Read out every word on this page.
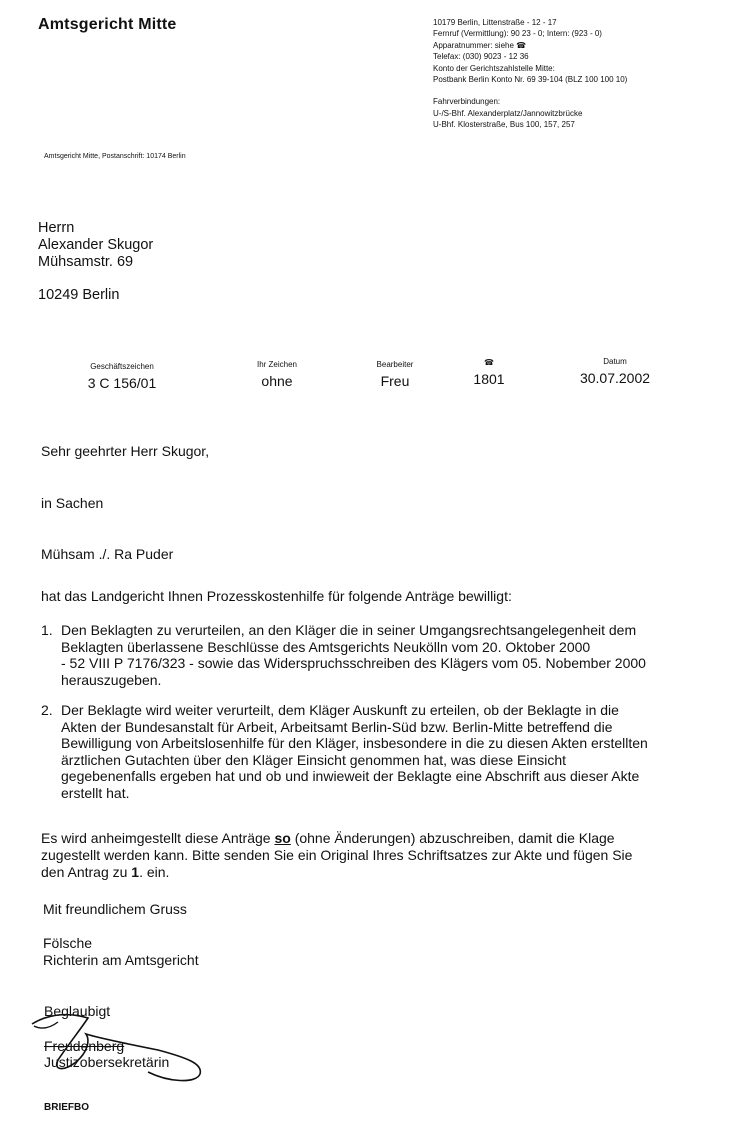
Amtsgericht Mitte	10179 Berlin, Littenstraße - 12 - 17
Fernruf (Vermittlung): 90 23 - 0; Intern: (923 - 0)
Apparatnummer: siehe ☎
Telefax: (030) 9023 - 12 36
Konto der Gerichtszahlstelle Mitte:
Postbank Berlin Konto Nr. 69 39-104 (BLZ 100 100 10)
Fahrverbindungen:
U-/S-Bhf. Alexanderplatz/Jannowitzbrücke
U-Bhf. Klosterstraße, Bus 100, 157, 257
Amtsgericht Mitte, Postanschrift: 10174 Berlin
Herrn
Alexander Skugor
Mühsamstr. 69
10249 Berlin
Geschäftszeichen
3 C 156/01
Ihr Zeichen
ohne
Bearbeiter
Freu
☎
1801
Datum
30.07.2002
Sehr geehrter Herr Skugor,
in Sachen
Mühsam ./. Ra Puder
hat das Landgericht Ihnen Prozesskostenhilfe für folgende Anträge bewilligt:
1. Den Beklagten zu verurteilen, an den Kläger die in seiner Umgangsrechtsangelegenheit dem
Beklagten überlassene Beschlüsse des Amtsgerichts Neukölln vom 20. Oktober 2000
- 52 VIII P 7176/323 - sowie das Widerspruchsschreiben des Klägers vom 05. Nobember 2000
herauszugeben.
2. Der Beklagte wird weiter verurteilt, dem Kläger Auskunft zu erteilen, ob der Beklagte in die
Akten der Bundesanstalt für Arbeit, Arbeitsamt Berlin-Süd bzw. Berlin-Mitte betreffend die
Bewilligung von Arbeitslosenhilfe für den Kläger, insbesondere in die zu diesen Akten erstellten
ärztlichen Gutachten über den Kläger Einsicht genommen hat, was diese Einsicht
gegebenenfalls ergeben hat und ob und inwieweit der Beklagte eine Abschrift aus dieser Akte
erstellt hat.
Es wird anheimgestellt diese Anträge so (ohne Änderungen) abzuschreiben, damit die Klage
zugestellt werden kann. Bitte senden Sie ein Original Ihres Schriftsatzes zur Akte und fügen Sie
den Antrag zu 1. ein.
Mit freundlichem Gruss
Fölsche
Richterin am Amtsgericht
Beglaubigt
Freudenberg
Justizobersekretärin
BRIEFBO
